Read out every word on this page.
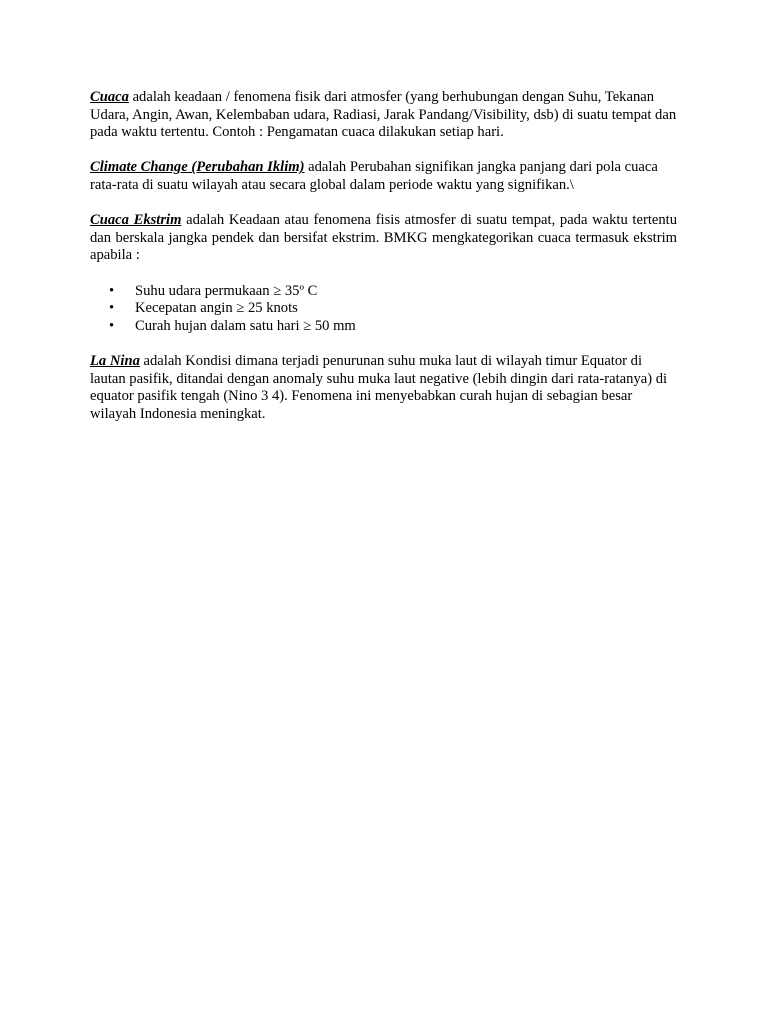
Cuaca adalah keadaan / fenomena fisik dari atmosfer (yang berhubungan dengan Suhu, Tekanan Udara, Angin, Awan, Kelembaban udara, Radiasi, Jarak Pandang/Visibility, dsb) di suatu tempat dan pada waktu tertentu. Contoh : Pengamatan cuaca dilakukan setiap hari.

Climate Change (Perubahan Iklim) adalah Perubahan signifikan jangka panjang dari pola cuaca rata-rata di suatu wilayah atau secara global dalam periode waktu yang signifikan.\

Cuaca Ekstrim adalah Keadaan atau fenomena fisis atmosfer di suatu tempat, pada waktu tertentu dan berskala jangka pendek dan bersifat ekstrim. BMKG mengkategorikan cuaca termasuk ekstrim apabila :

• Suhu udara permukaan ≥ 35º C
• Kecepatan angin ≥ 25 knots
• Curah hujan dalam satu hari ≥ 50 mm

La Nina adalah Kondisi dimana terjadi penurunan suhu muka laut di wilayah timur Equator di lautan pasifik, ditandai dengan anomaly suhu muka laut negative (lebih dingin dari rata-ratanya) di equator pasifik tengah (Nino 3 4). Fenomena ini menyebabkan curah hujan di sebagian besar wilayah Indonesia meningkat.
